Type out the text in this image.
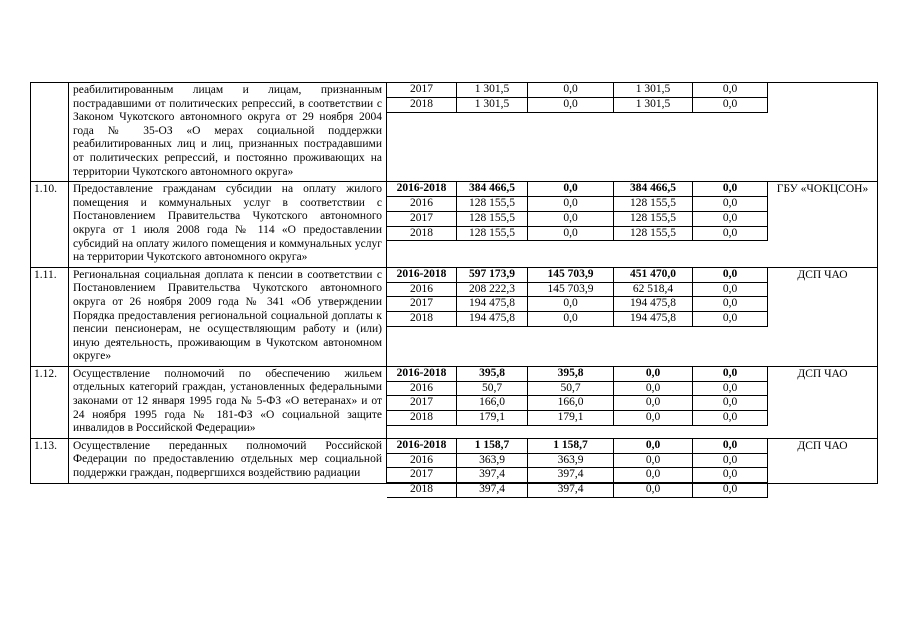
реабилитированным лицам и лицам, признанным пострадавшими от политических репрессий, в соответствии с Законом Чукотского автономного округа от 29 ноября 2004 года № 35-ОЗ «О мерах социальной поддержки реабилитированных лиц и лиц, признанных пострадавшими от политических репрессий, и постоянно проживающих на территории Чукотского автономного округа»
2017	1 301,5	0,0	1 301,5	0,0
2018	1 301,5	0,0	1 301,5	0,0
1.10.	Предоставление гражданам субсидии на оплату жилого помещения и коммунальных услуг в соответствии с Постановлением Правительства Чукотского автономного округа от 1 июля 2008 года № 114 «О предоставлении субсидий на оплату жилого помещения и коммунальных услуг на территории Чукотского автономного округа»
2016-2018	384 466,5	0,0	384 466,5	0,0
2016	128 155,5	0,0	128 155,5	0,0
2017	128 155,5	0,0	128 155,5	0,0
2018	128 155,5	0,0	128 155,5	0,0
ГБУ «ЧОКЦСОН»
1.11.	Региональная социальная доплата к пенсии в соответствии с Постановлением Правительства Чукотского автономного округа от 26 ноября 2009 года № 341 «Об утверждении Порядка предоставления региональной социальной доплаты к пенсии пенсионерам, не осуществляющим работу и (или) иную деятельность, проживающим в Чукотском автономном округе»
2016-2018	597 173,9	145 703,9	451 470,0	0,0
2016	208 222,3	145 703,9	62 518,4	0,0
2017	194 475,8	0,0	194 475,8	0,0
2018	194 475,8	0,0	194 475,8	0,0
ДСП ЧАО
1.12.	Осуществление полномочий по обеспечению жильем отдельных категорий граждан, установленных федеральными законами от 12 января 1995 года № 5-ФЗ «О ветеранах» и от 24 ноября 1995 года № 181-ФЗ «О социальной защите инвалидов в Российской Федерации»
2016-2018	395,8	395,8	0,0	0,0
2016	50,7	50,7	0,0	0,0
2017	166,0	166,0	0,0	0,0
2018	179,1	179,1	0,0	0,0
ДСП ЧАО
1.13.	Осуществление переданных полномочий Российской Федерации по предоставлению отдельных мер социальной поддержки граждан, подвергшихся воздействию радиации
2016-2018	1 158,7	1 158,7	0,0	0,0
2016	363,9	363,9	0,0	0,0
2017	397,4	397,4	0,0	0,0
2018	397,4	397,4	0,0	0,0
ДСП ЧАО
